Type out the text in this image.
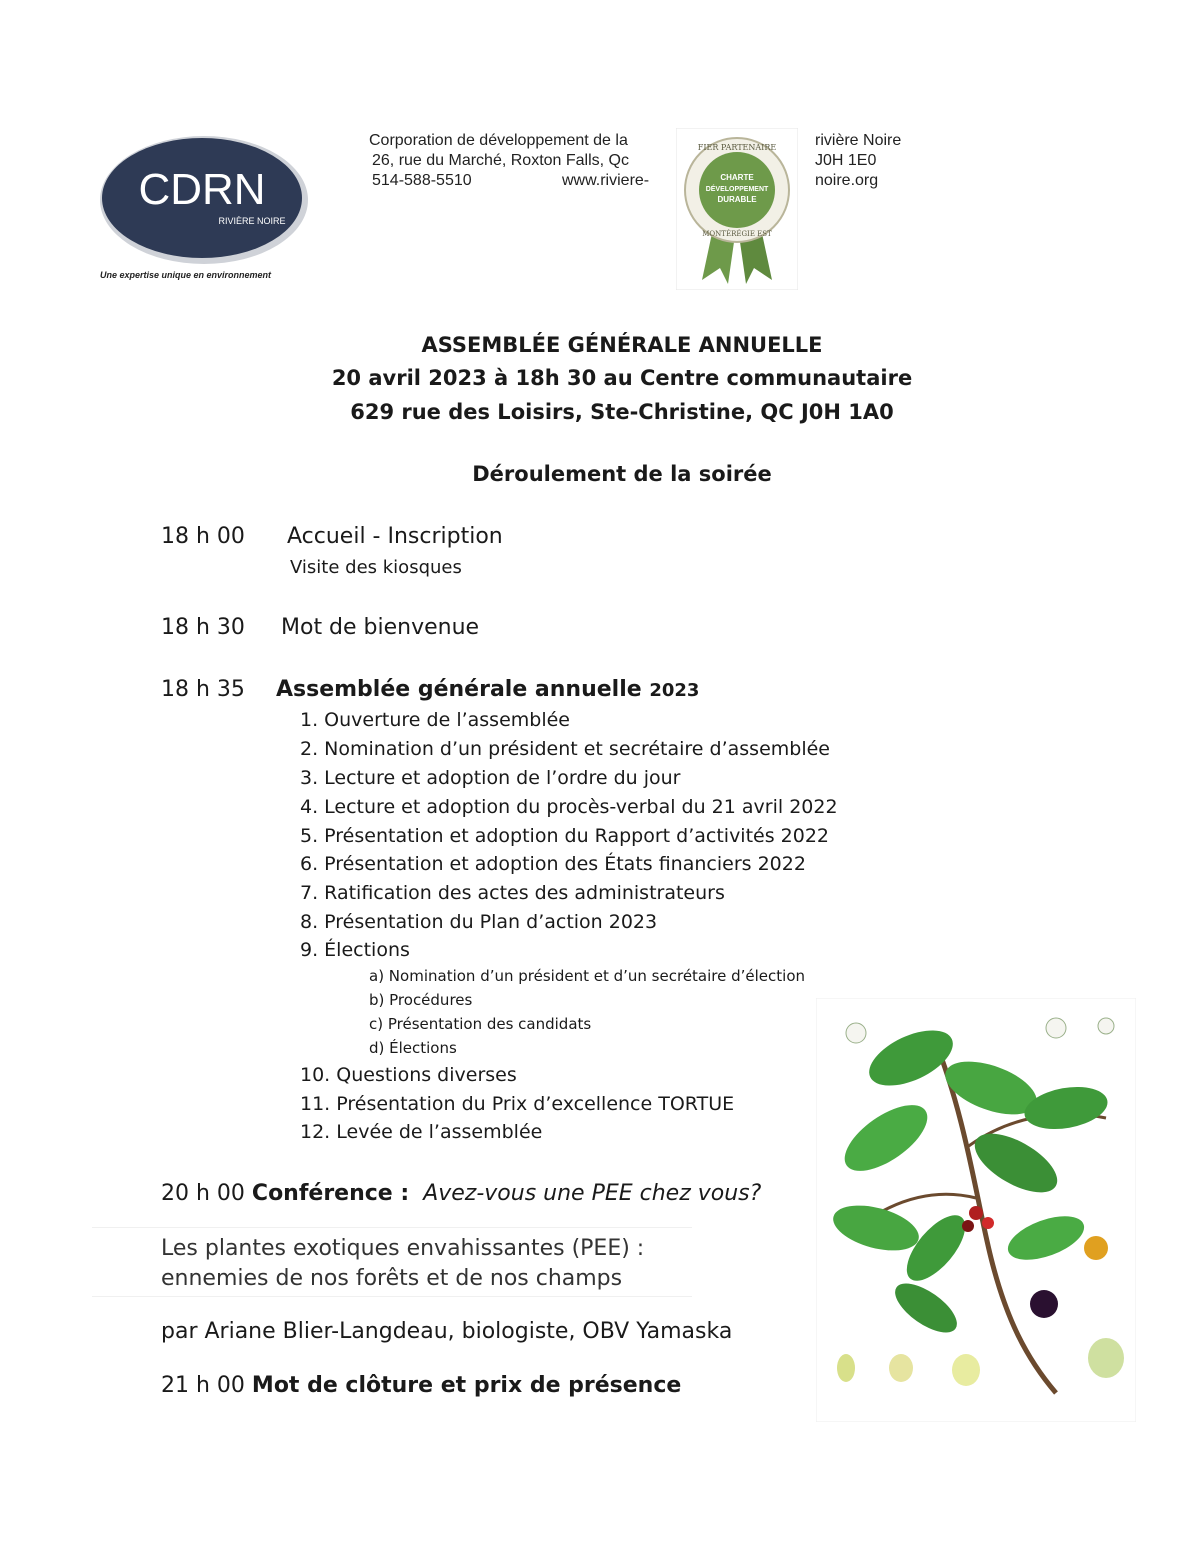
CDRN
RIVIÈRE NOIRE
Une expertise unique en environnement
Corporation de développement de la	rivière Noire
26, rue du Marché, Roxton Falls, Qc	J0H 1E0
514-588-5510	www.riviere-	noire.org
FIER PARTENAIRE
CHARTE
DÉVELOPPEMENT
DURABLE
MONTÉRÉGIE EST
ASSEMBLÉE GÉNÉRALE ANNUELLE
20 avril 2023 à 18h 30 au Centre communautaire
629 rue des Loisirs, Ste-Christine, QC J0H 1A0
Déroulement de la soirée
18 h 00 Accueil - Inscription
Visite des kiosques
18 h 30 Mot de bienvenue
18 h 35 Assemblée générale annuelle 2023
1. Ouverture de l’assemblée
2. Nomination d’un président et secrétaire d’assemblée
3. Lecture et adoption de l’ordre du jour
4. Lecture et adoption du procès-verbal du 21 avril 2022
5. Présentation et adoption du Rapport d’activités 2022
6. Présentation et adoption des États financiers 2022
7. Ratification des actes des administrateurs
8. Présentation du Plan d’action 2023
9. Élections
a) Nomination d’un président et d’un secrétaire d’élection
b) Procédures
c) Présentation des candidats
d) Élections
10. Questions diverses
11. Présentation du Prix d’excellence TORTUE
12. Levée de l’assemblée
20 h 00 Conférence : Avez-vous une PEE chez vous?
Les plantes exotiques envahissantes (PEE) :
ennemies de nos forêts et de nos champs
par Ariane Blier-Langdeau, biologiste, OBV Yamaska
21 h 00 Mot de clôture et prix de présence
